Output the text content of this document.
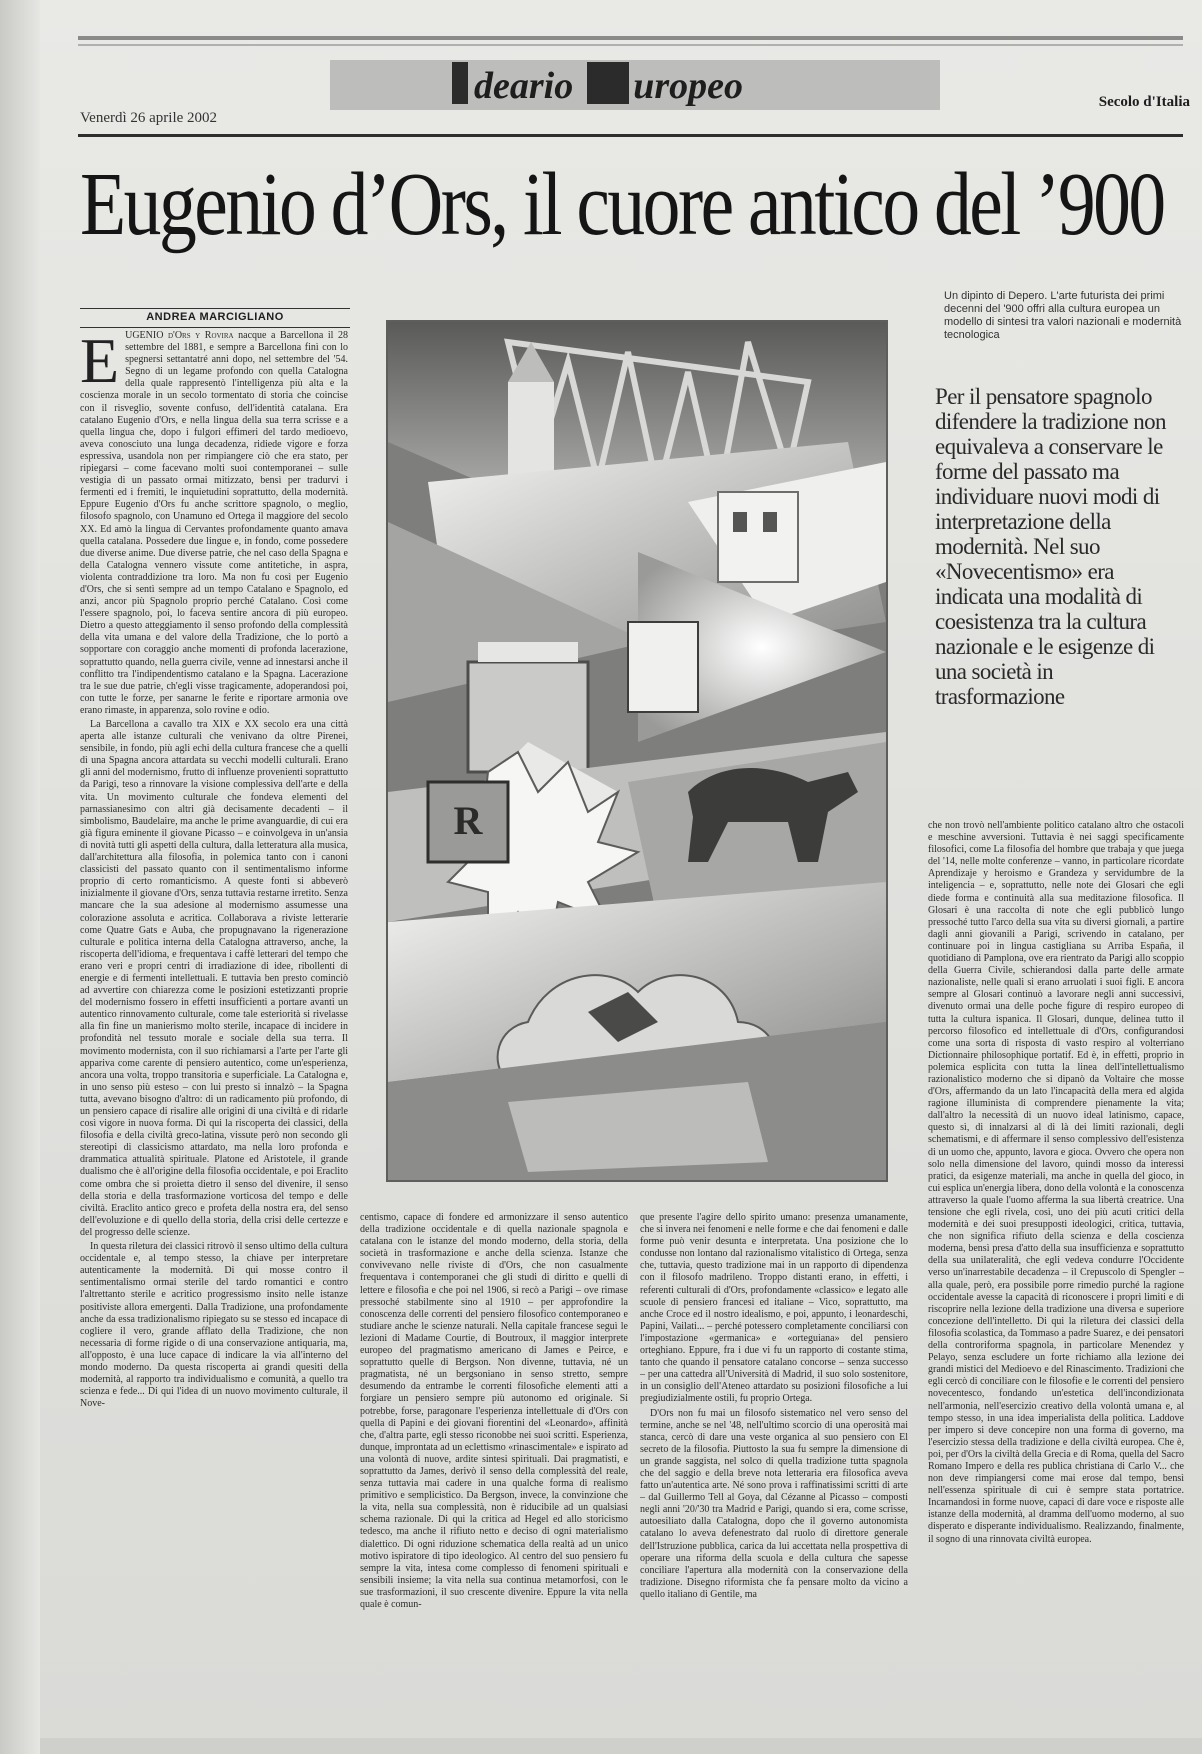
deario uropeo
Venerdì 26 aprile 2002
Secolo d'Italia
Eugenio d’Ors, il cuore antico del ’900
ANDREA MARCIGLIANO
Un dipinto di Depero. L'arte futurista dei primi decenni del '900 offri alla cultura europea un modello di sintesi tra valori nazionali e modernità tecnologica
Per il pensatore spagnolo difendere la tradizione non equivaleva a conservare le forme del passato ma individuare nuovi modi di interpretazione della modernità. Nel suo «Novecentismo» era indicata una modalità di coesistenza tra la cultura nazionale e le esigenze di una società in trasformazione

EUGENIO d'Ors y Rovira nacque a Barcellona il 28 settembre del 1881, e sempre a Barcellona finì con lo spegnersi settantatré anni dopo, nel settembre del '54. Segno di un legame profondo con quella Catalogna della quale rappresentò l'intelligenza più alta e la coscienza morale in un secolo tormentato di storia che coincise con il risveglio, sovente confuso, dell'identità catalana. Era catalano Eugenio d'Ors, e nella lingua della sua terra scrisse e a quella lingua che, dopo i fulgori effimeri del tardo medioevo, aveva conosciuto una lunga decadenza, ridiede vigore e forza espressiva, usandola non per rimpiangere ciò che era stato, per ripiegarsi – come facevano molti suoi contemporanei – sulle vestigia di un passato ormai mitizzato, bensì per tradurvi i fermenti ed i fremiti, le inquietudini soprattutto, della modernità. Eppure Eugenio d'Ors fu anche scrittore spagnolo, o meglio, filosofo spagnolo, con Unamuno ed Ortega il maggiore del secolo XX. Ed amò la lingua di Cervantes profondamente quanto amava quella catalana. Possedere due lingue e, in fondo, come possedere due diverse anime. Due diverse patrie, che nel caso della Spagna e della Catalogna vennero vissute come antitetiche, in aspra, violenta contraddizione tra loro. Ma non fu così per Eugenio d'Ors, che si sentì sempre ad un tempo Catalano e Spagnolo, ed anzi, ancor più Spagnolo proprio perché Catalano. Così come l'essere spagnolo, poi, lo faceva sentire ancora di più europeo. Dietro a questo atteggiamento il senso profondo della complessità della vita umana e del valore della Tradizione, che lo portò a sopportare con coraggio anche momenti di profonda lacerazione, soprattutto quando, nella guerra civile, venne ad innestarsi anche il conflitto tra l'indipendentismo catalano e la Spagna. Lacerazione tra le sue due patrie, ch'egli visse tragicamente, adoperandosi poi, con tutte le forze, per sanarne le ferite e riportare armonia ove erano rimaste, in apparenza, solo rovine e odio.

La Barcellona a cavallo tra XIX e XX secolo era una città aperta alle istanze culturali che venivano da oltre Pirenei, sensibile, in fondo, più agli echi della cultura francese che a quelli di una Spagna ancora attardata su vecchi modelli culturali. Erano gli anni del modernismo, frutto di influenze provenienti soprattutto da Parigi, teso a rinnovare la visione complessiva dell'arte e della vita. Un movimento culturale che fondeva elementi del parnassianesimo con altri già decisamente decadenti – il simbolismo, Baudelaire, ma anche le prime avanguardie, di cui era già figura eminente il giovane Picasso – e coinvolgeva in un'ansia di novità tutti gli aspetti della cultura, dalla letteratura alla musica, dall'architettura alla filosofia, in polemica tanto con i canoni classicisti del passato quanto con il sentimentalismo informe proprio di certo romanticismo. A queste fonti si abbeverò inizialmente il giovane d'Ors, senza tuttavia restarne irretito. Senza mancare che la sua adesione al modernismo assumesse una colorazione assoluta e acritica. Collaborava a riviste letterarie come Quatre Gats e Auba, che propugnavano la rigenerazione culturale e politica interna della Catalogna attraverso, anche, la riscoperta dell'idioma, e frequentava i caffè letterari del tempo che erano veri e propri centri di irradiazione di idee, ribollenti di energie e di fermenti intellettuali. E tuttavia ben presto cominciò ad avvertire con chiarezza come le posizioni estetizzanti proprie del modernismo fossero in effetti insufficienti a portare avanti un autentico rinnovamento culturale, come tale esteriorità si rivelasse alla fin fine un manierismo molto sterile, incapace di incidere in profondità nel tessuto morale e sociale della sua terra. Il movimento modernista, con il suo richiamarsi a l'arte per l'arte gli appariva come carente di pensiero autentico, come un'esperienza, ancora una volta, troppo transitoria e superficiale. La Catalogna e, in uno senso più esteso – con lui presto si innalzò – la Spagna tutta, avevano bisogno d'altro: di un radicamento più profondo, di un pensiero capace di risalire alle origini di una civiltà e di ridarle così vigore in nuova forma. Di qui la riscoperta dei classici, della filosofia e della civiltà greco-latina, vissute però non secondo gli stereotipi di classicismo attardato, ma nella loro profonda e drammatica attualità spirituale. Platone ed Aristotele, il grande dualismo che è all'origine della filosofia occidentale, e poi Eraclito come ombra che si proietta dietro il senso del divenire, il senso della storia e della trasformazione vorticosa del tempo e delle civiltà. Eraclito antico greco e profeta della nostra era, del senso dell'evoluzione e di quello della storia, della crisi delle certezze e del progresso delle scienze.

In questa riletura dei classici ritrovò il senso ultimo della cultura occidentale e, al tempo stesso, la chiave per interpretare autenticamente la modernità. Di qui mosse contro il sentimentalismo ormai sterile del tardo romantici e contro l'altrettanto sterile e acritico progressismo insito nelle istanze positiviste allora emergenti. Dalla Tradizione, una profondamente anche da essa tradizionalismo ripiegato su se stesso ed incapace di cogliere il vero, grande afflato della Tradizione, che non necessaria di forme rigide o di una conservazione antiquaria, ma, all'opposto, è una luce capace di indicare la via all'interno del mondo moderno. Da questa riscoperta ai grandi quesiti della modernità, al rapporto tra individualismo e comunità, a quello tra scienza e fede... Di qui l'idea di un nuovo movimento culturale, il Nove-

R

centismo, capace di fondere ed armonizzare il senso autentico della tradizione occidentale e di quella nazionale spagnola e catalana con le istanze del mondo moderno, della storia, della società in trasformazione e anche della scienza. Istanze che convivevano nelle riviste di d'Ors, che non casualmente frequentava i contemporanei che gli studi di diritto e quelli di lettere e filosofia e che poi nel 1906, si recò a Parigi – ove rimase pressoché stabilmente sino al 1910 – per approfondire la conoscenza delle correnti del pensiero filosofico contemporaneo e studiare anche le scienze naturali. Nella capitale francese seguì le lezioni di Madame Courtie, di Boutroux, il maggior interprete europeo del pragmatismo americano di James e Peirce, e soprattutto quelle di Bergson. Non divenne, tuttavia, né un pragmatista, né un bergsoniano in senso stretto, sempre desumendo da entrambe le correnti filosofiche elementi atti a forgiare un pensiero sempre più autonomo ed originale. Si potrebbe, forse, paragonare l'esperienza intellettuale di d'Ors con quella di Papini e dei giovani fiorentini del «Leonardo», affinità che, d'altra parte, egli stesso riconobbe nei suoi scritti. Esperienza, dunque, improntata ad un eclettismo «rinascimentale» e ispirato ad una volontà di nuove, ardite sintesi spirituali. Dai pragmatisti, e soprattutto da James, derivò il senso della complessità del reale, senza tuttavia mai cadere in una qualche forma di realismo primitivo e semplicistico. Da Bergson, invece, la convinzione che la vita, nella sua complessità, non è riducibile ad un qualsiasi schema razionale. Di qui la critica ad Hegel ed allo storicismo tedesco, ma anche il rifiuto netto e deciso di ogni materialismo dialettico. Di ogni riduzione schematica della realtà ad un unico motivo ispiratore di tipo ideologico. Al centro del suo pensiero fu sempre la vita, intesa come complesso di fenomeni spirituali e sensibili insieme; la vita nella sua continua metamorfosi, con le sue trasformazioni, il suo crescente divenire. Eppure la vita nella quale è comun-

que presente l'agire dello spirito umano: presenza umanamente, che si invera nei fenomeni e nelle forme e che dai fenomeni e dalle forme può venir desunta e interpretata. Una posizione che lo condusse non lontano dal razionalismo vitalistico di Ortega, senza che, tuttavia, questo tradizione mai in un rapporto di dipendenza con il filosofo madrileno. Troppo distanti erano, in effetti, i referenti culturali di d'Ors, profondamente «classico» e legato alle scuole di pensiero francesi ed italiane – Vico, soprattutto, ma anche Croce ed il nostro idealismo, e poi, appunto, i leonardeschi, Papini, Vailati... – perché potessero completamente conciliarsi con l'impostazione «germanica» e «orteguiana» del pensiero orteghiano. Eppure, fra i due vi fu un rapporto di costante stima, tanto che quando il pensatore catalano concorse – senza successo – per una cattedra all'Università di Madrid, il suo solo sostenitore, in un consiglio dell'Ateneo attardato su posizioni filosofiche a lui pregiudizialmente ostili, fu proprio Ortega.

D'Ors non fu mai un filosofo sistematico nel vero senso del termine, anche se nel '48, nell'ultimo scorcio di una operosità mai stanca, cercò di dare una veste organica al suo pensiero con El secreto de la filosofia. Piuttosto la sua fu sempre la dimensione di un grande saggista, nel solco di quella tradizione tutta spagnola che del saggio e della breve nota letteraria era filosofica aveva fatto un'autentica arte. Né sono prova i raffinatissimi scritti di arte – dal Guillermo Tell al Goya, dal Cézanne al Picasso – composti negli anni '20/'30 tra Madrid e Parigi, quando si era, come scrisse, autoesiliato dalla Catalogna, dopo che il governo autonomista catalano lo aveva defenestrato dal ruolo di direttore generale dell'Istruzione pubblica, carica da lui accettata nella prospettiva di operare una riforma della scuola e della cultura che sapesse conciliare l'apertura alla modernità con la conservazione della tradizione. Disegno riformista che fa pensare molto da vicino a quello italiano di Gentile, ma

che non trovò nell'ambiente politico catalano altro che ostacoli e meschine avversioni. Tuttavia è nei saggi specificamente filosofici, come La filosofia del hombre que trabaja y que juega del '14, nelle molte conferenze – vanno, in particolare ricordate Aprendizaje y heroismo e Grandeza y servidumbre de la inteligencia – e, soprattutto, nelle note dei Glosari che egli diede forma e continuità alla sua meditazione filosofica. Il Glosari è una raccolta di note che egli pubblicò lungo pressoché tutto l'arco della sua vita su diversi giornali, a partire dagli anni giovanili a Parigi, scrivendo in catalano, per continuare poi in lingua castigliana su Arriba España, il quotidiano di Pamplona, ove era rientrato da Parigi allo scoppio della Guerra Civile, schierandosi dalla parte delle armate nazionaliste, nelle quali si erano arruolati i suoi figli. E ancora sempre al Glosari continuò a lavorare negli anni successivi, divenuto ormai una delle poche figure di respiro europeo di tutta la cultura ispanica. Il Glosari, dunque, delinea tutto il percorso filosofico ed intellettuale di d'Ors, configurandosi come una sorta di risposta di vasto respiro al volterriano Dictionnaire philosophique portatif. Ed è, in effetti, proprio in polemica esplicita con tutta la linea dell'intellettualismo razionalistico moderno che si dipanò da Voltaire che mosse d'Ors, affermando da un lato l'incapacità della mera ed algida ragione illuminista di comprendere pienamente la vita; dall'altro la necessità di un nuovo ideal latinismo, capace, questo sì, di innalzarsi al di là dei limiti razionali, degli schematismi, e di affermare il senso complessivo dell'esistenza di un uomo che, appunto, lavora e gioca. Ovvero che opera non solo nella dimensione del lavoro, quindi mosso da interessi pratici, da esigenze materiali, ma anche in quella del gioco, in cui esplica un'energia libera, dono della volontà e la conoscenza attraverso la quale l'uomo afferma la sua libertà creatrice. Una tensione che egli rivela, così, uno dei più acuti critici della modernità e dei suoi presupposti ideologici, critica, tuttavia, che non significa rifiuto della scienza e della coscienza moderna, bensì presa d'atto della sua insufficienza e soprattutto della sua unilateralità, che egli vedeva condurre l'Occidente verso un'inarrestabile decadenza – il Crepuscolo di Spengler – alla quale, però, era possibile porre rimedio purché la ragione occidentale avesse la capacità di riconoscere i propri limiti e di riscoprire nella lezione della tradizione una diversa e superiore concezione dell'intelletto. Di qui la riletura dei classici della filosofia scolastica, da Tommaso a padre Suarez, e dei pensatori della controriforma spagnola, in particolare Menendez y Pelayo, senza escludere un forte richiamo alla lezione dei grandi mistici del Medioevo e del Rinascimento. Tradizioni che egli cercò di conciliare con le filosofie e le correnti del pensiero novecentesco, fondando un'estetica dell'incondizionata nell'armonia, nell'esercizio creativo della volontà umana e, al tempo stesso, in una idea imperialista della politica. Laddove per impero si deve concepire non una forma di governo, ma l'esercizio stessa della tradizione e della civiltà europea. Che è, poi, per d'Ors la civiltà della Grecia e di Roma, quella del Sacro Romano Impero e della res publica christiana di Carlo V... che non deve rimpiangersi come mai erose dal tempo, bensì nell'essenza spirituale di cui è sempre stata portatrice. Incarnandosi in forme nuove, capaci di dare voce e risposte alle istanze della modernità, al dramma dell'uomo moderno, al suo disperato e disperante individualismo. Realizzando, finalmente, il sogno di una rinnovata civiltà europea.
